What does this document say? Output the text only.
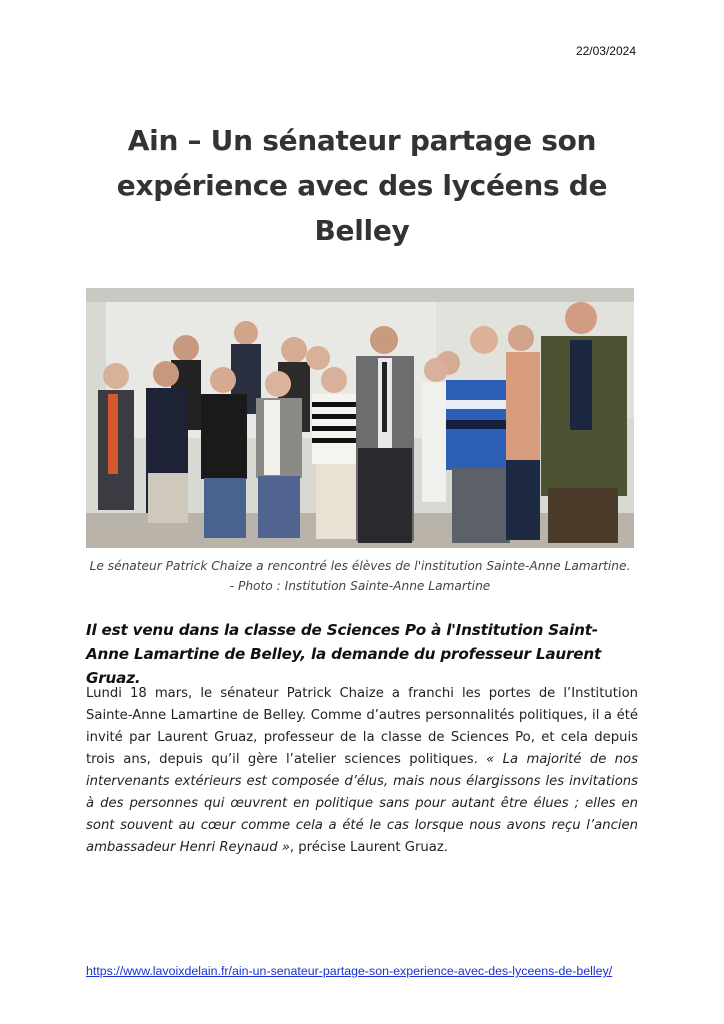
22/03/2024
Ain – Un sénateur partage son expérience avec des lycéens de Belley

Le sénateur Patrick Chaize a rencontré les élèves de l'institution Sainte-Anne Lamartine. - Photo : Institution Sainte-Anne Lamartine

Il est venu dans la classe de Sciences Po à l'Institution Saint-Anne Lamartine de Belley, la demande du professeur Laurent Gruaz.

Lundi 18 mars, le sénateur Patrick Chaize a franchi les portes de l’Institution Sainte-Anne Lamartine de Belley. Comme d’autres personnalités politiques, il a été invité par Laurent Gruaz, professeur de la classe de Sciences Po, et cela depuis trois ans, depuis qu’il gère l’atelier sciences politiques. « La majorité de nos intervenants extérieurs est composée d’élus, mais nous élargissons les invitations à des personnes qui œuvrent en politique sans pour autant être élues ; elles en sont souvent au cœur comme cela a été le cas lorsque nous avons reçu l’ancien ambassadeur Henri Reynaud », précise Laurent Gruaz.

https://www.lavoixdelain.fr/ain-un-senateur-partage-son-experience-avec-des-lyceens-de-belley/
